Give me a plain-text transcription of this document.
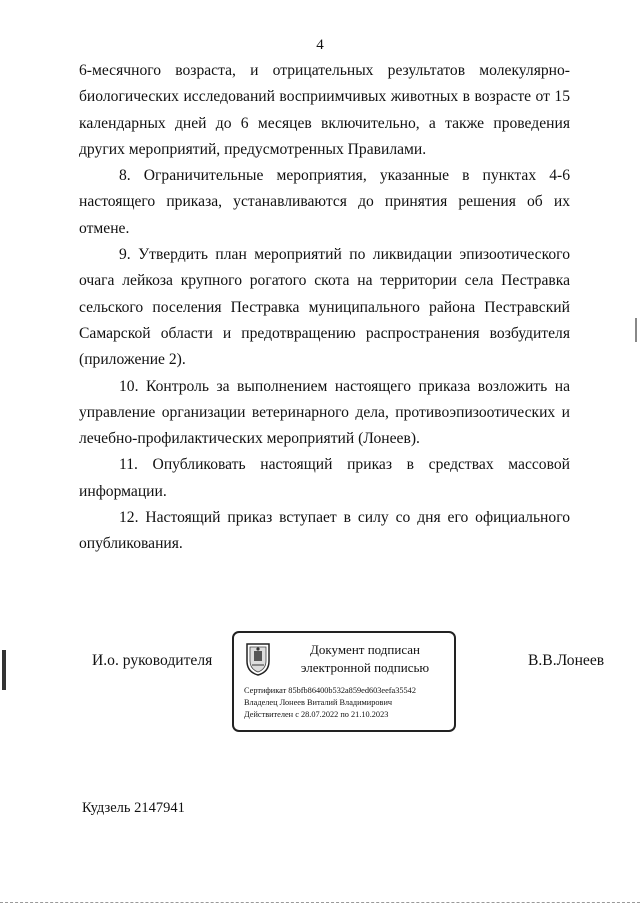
4

6-месячного возраста, и отрицательных результатов молекулярно-биологических исследований восприимчивых животных в возрасте от 15 календарных дней до 6 месяцев включительно, а также проведения других мероприятий, предусмотренных Правилами.

8. Ограничительные мероприятия, указанные в пунктах 4-6 настоящего приказа, устанавливаются до принятия решения об их отмене.

9. Утвердить план мероприятий по ликвидации эпизоотического очага лейкоза крупного рогатого скота на территории села Пестравка сельского поселения Пестравка муниципального района Пестравский Самарской области и предотвращению распространения возбудителя (приложение 2).

10. Контроль за выполнением настоящего приказа возложить на управление организации ветеринарного дела, противоэпизоотических и лечебно-профилактических мероприятий (Лонеев).

11. Опубликовать настоящий приказ в средствах массовой информации.

12. Настоящий приказ вступает в силу со дня его официального опубликования.

И.о. руководителя
Документ подписан
электронной подписью
Сертификат 85bfb86400b532a859ed603eefa35542
Владелец Лонеев Виталий Владимирович
Действителен с 28.07.2022 по 21.10.2023
В.В.Лонеев
Кудзель 2147941
